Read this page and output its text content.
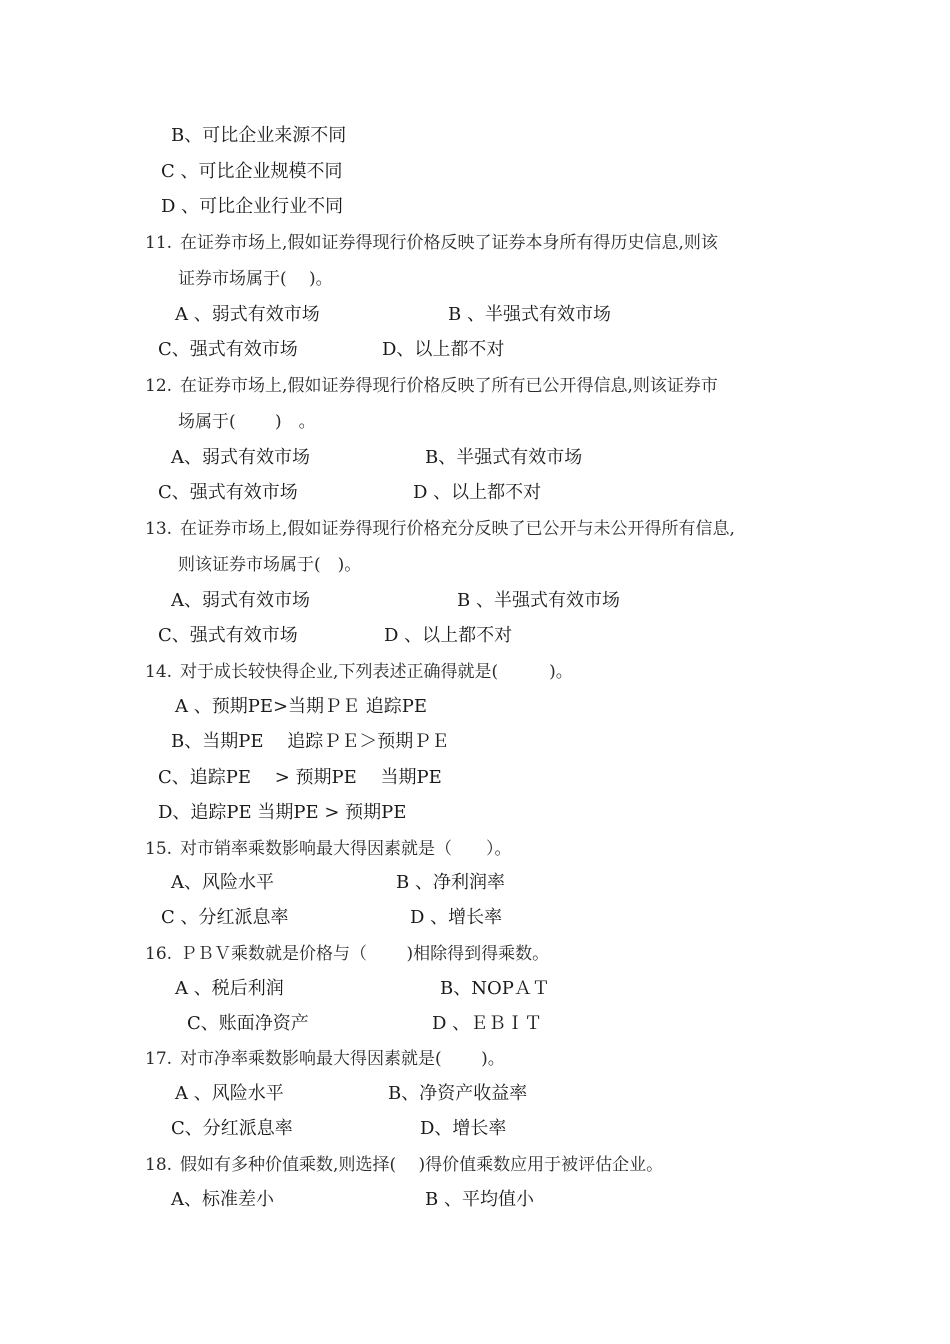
B、可比企业来源不同
C 、可比企业规模不同
D 、可比企业行业不同
11. 在证券市场上,假如证券得现行价格反映了证券本身所有得历史信息,则该
证券市场属于(　 )。
A 、弱式有效市场	B 、半强式有效市场
C、强式有效市场	D、以上都不对
12. 在证券市场上,假如证券得现行价格反映了所有已公开得信息,则该证券市
场属于(　　 )　。
A、弱式有效市场	B、半强式有效市场
C、强式有效市场	D 、以上都不对
13. 在证券市场上,假如证券得现行价格充分反映了已公开与未公开得所有信息,
则该证券市场属于(　)。
A、弱式有效市场	B 、半强式有效市场
C、强式有效市场	D 、以上都不对
14. 对于成长较快得企业,下列表述正确得就是(　　　)。
A 、预期PE>当期ＰＥ 追踪PE
B、当期PE　 追踪ＰＥ＞预期ＰＥ
C、追踪PE　 > 预期PE　 当期PE
D、追踪PE 当期PE > 预期PE
15. 对市销率乘数影响最大得因素就是（　　）。
A、风险水平	B 、净利润率
C 、分红派息率	D 、增长率
16. ＰＢＶ乘数就是价格与（　　 )相除得到得乘数。
A 、税后利润	B、NOPＡＴ
C、账面净资产	D 、ＥＢＩＴ
17. 对市净率乘数影响最大得因素就是(　　 )。
A 、风险水平	B、净资产收益率
C、分红派息率	D、增长率
18. 假如有多种价值乘数,则选择(　 )得价值乘数应用于被评估企业。
A、标准差小	B 、平均值小
